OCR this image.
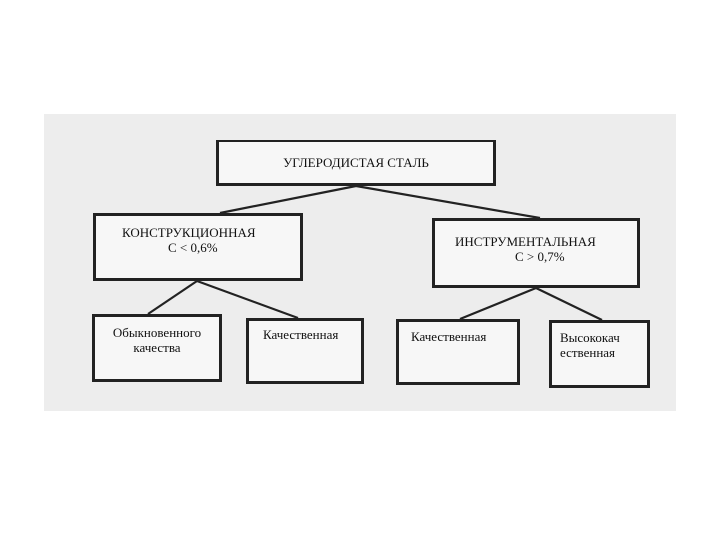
УГЛЕРОДИСТАЯ СТАЛЬ
КОНСТРУКЦИОННАЯ
С < 0,6%	ИНСТРУМЕНТАЛЬНАЯ
С > 0,7%
Обыкновенного качества
Качественная	Качественная	Высококач
ественная
